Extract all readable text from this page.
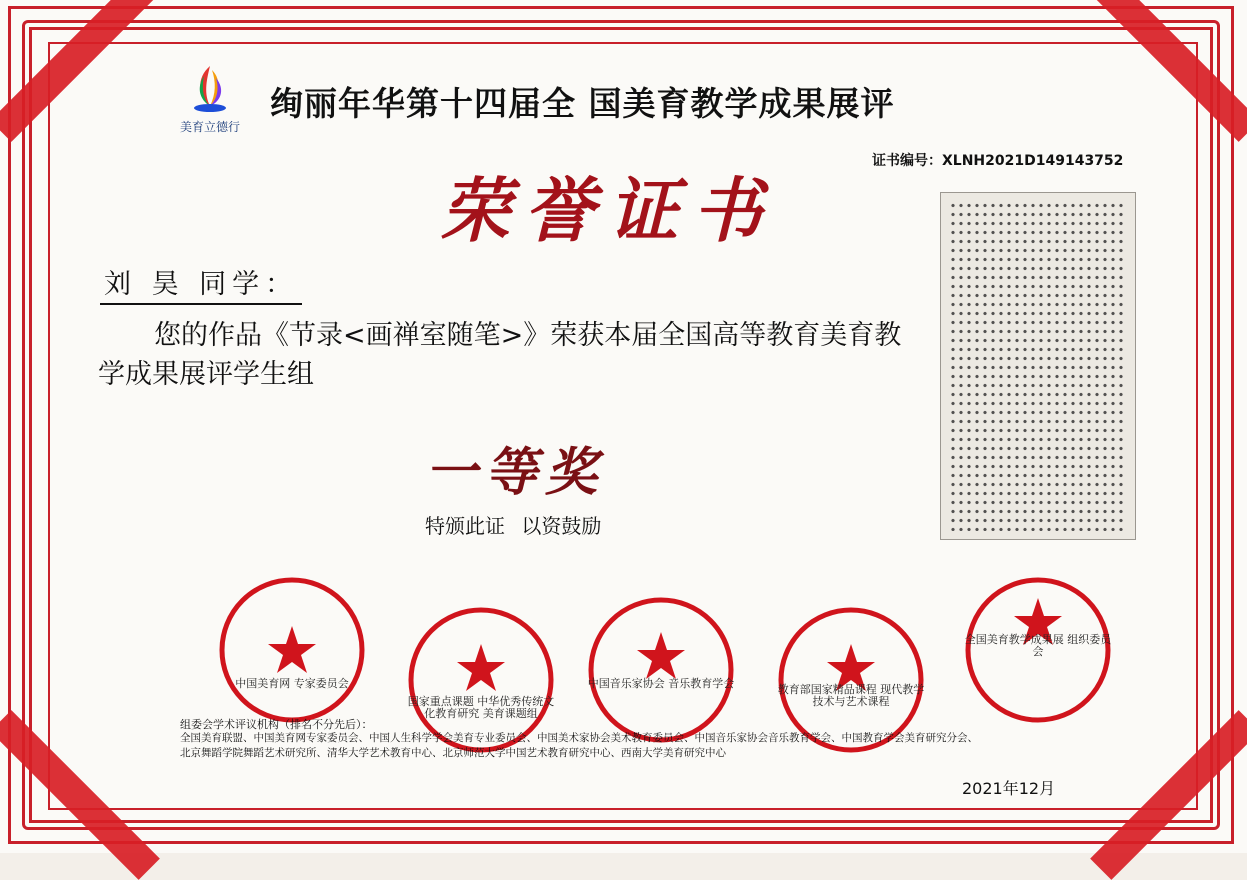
美育立德行
绚丽年华第十四届全 国美育教学成果展评
证书编号：XLNH2021D149143752
荣誉证书
刘 昊 同学：
您的作品《节录<画禅室随笔>》荣获本届全国高等教育美育教学成果展评学生组
一等奖
特颁此证 以资鼓励
中国美育网 专家委员会
国家重点课题 中华优秀传统文化教育研究 美育课题组
中国音乐家协会 音乐教育学会	教育部国家精品课程 现代教学技术与艺术课程
全国美育教学成果展 组织委员会
组委会学术评议机构（排名不分先后）：
全国美育联盟、中国美育网专家委员会、中国人生科学学会美育专业委员会、中国美术家协会美术教育委员会、中国音乐家协会音乐教育学会、中国教育学会美育研究分会、
北京舞蹈学院舞蹈艺术研究所、清华大学艺术教育中心、北京师范大学中国艺术教育研究中心、西南大学美育研究中心
2021年12月
